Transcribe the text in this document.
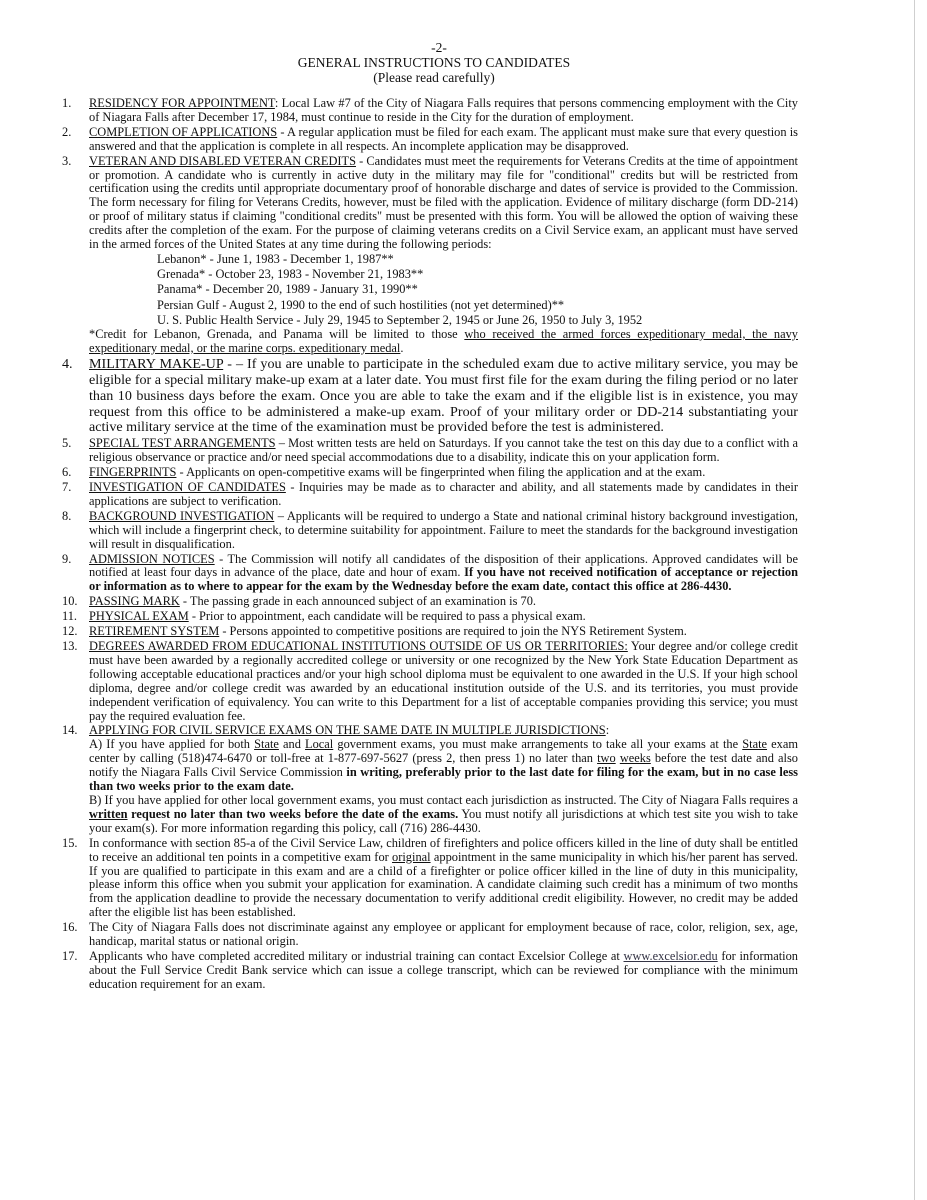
-2-
GENERAL INSTRUCTIONS TO CANDIDATES
(Please read carefully)
1.	RESIDENCY FOR APPOINTMENT: Local Law #7 of the City of Niagara Falls requires that persons commencing employment with the City of Niagara Falls after December 17, 1984, must continue to reside in the City for the duration of employment.
2.	COMPLETION OF APPLICATIONS - A regular application must be filed for each exam. The applicant must make sure that every question is answered and that the application is complete in all respects. An incomplete application may be disapproved.
3.	VETERAN AND DISABLED VETERAN CREDITS - Candidates must meet the requirements for Veterans Credits at the time of appointment or promotion. A candidate who is currently in active duty in the military may file for "conditional" credits but will be restricted from certification using the credits until appropriate documentary proof of honorable discharge and dates of service is provided to the Commission. The form necessary for filing for Veterans Credits, however, must be filed with the application. Evidence of military discharge (form DD-214) or proof of military status if claiming "conditional credits" must be presented with this form. You will be allowed the option of waiving these credits after the completion of the exam. For the purpose of claiming veterans credits on a Civil Service exam, an applicant must have served in the armed forces of the United States at any time during the following periods:
Lebanon* - June 1, 1983 - December 1, 1987**
Grenada* - October 23, 1983 - November 21, 1983**
Panama* - December 20, 1989 - January 31, 1990**
Persian Gulf - August 2, 1990 to the end of such hostilities (not yet determined)**
U. S. Public Health Service - July 29, 1945 to September 2, 1945 or June 26, 1950 to July 3, 1952
*Credit for Lebanon, Grenada, and Panama will be limited to those who received the armed forces expeditionary medal, the navy expeditionary medal, or the marine corps. expeditionary medal.
4.	MILITARY MAKE-UP - – If you are unable to participate in the scheduled exam due to active military service, you may be eligible for a special military make-up exam at a later date. You must first file for the exam during the filing period or no later than 10 business days before the exam. Once you are able to take the exam and if the eligible list is in existence, you may request from this office to be administered a make-up exam. Proof of your military order or DD-214 substantiating your active military service at the time of the examination must be provided before the test is administered.
5.	SPECIAL TEST ARRANGEMENTS – Most written tests are held on Saturdays. If you cannot take the test on this day due to a conflict with a religious observance or practice and/or need special accommodations due to a disability, indicate this on your application form.
6.	FINGERPRINTS - Applicants on open-competitive exams will be fingerprinted when filing the application and at the exam.
7.	INVESTIGATION OF CANDIDATES - Inquiries may be made as to character and ability, and all statements made by candidates in their applications are subject to verification.
8.	BACKGROUND INVESTIGATION – Applicants will be required to undergo a State and national criminal history background investigation, which will include a fingerprint check, to determine suitability for appointment. Failure to meet the standards for the background investigation will result in disqualification.
9.	ADMISSION NOTICES - The Commission will notify all candidates of the disposition of their applications. Approved candidates will be notified at least four days in advance of the place, date and hour of exam. If you have not received notification of acceptance or rejection or information as to where to appear for the exam by the Wednesday before the exam date, contact this office at 286-4430.
10. PASSING MARK - The passing grade in each announced subject of an examination is 70.
11. PHYSICAL EXAM - Prior to appointment, each candidate will be required to pass a physical exam.
12. RETIREMENT SYSTEM - Persons appointed to competitive positions are required to join the NYS Retirement System.
13. DEGREES AWARDED FROM EDUCATIONAL INSTITUTIONS OUTSIDE OF US OR TERRITORIES: Your degree and/or college credit must have been awarded by a regionally accredited college or university or one recognized by the New York State Education Department as following acceptable educational practices and/or your high school diploma must be equivalent to one awarded in the U.S. If your high school diploma, degree and/or college credit was awarded by an educational institution outside of the U.S. and its territories, you must provide independent verification of equivalency. You can write to this Department for a list of acceptable companies providing this service; you must pay the required evaluation fee.
14. APPLYING FOR CIVIL SERVICE EXAMS ON THE SAME DATE IN MULTIPLE JURISDICTIONS:
A) If you have applied for both State and Local government exams, you must make arrangements to take all your exams at the State exam center by calling (518)474-6470 or toll-free at 1-877-697-5627 (press 2, then press 1) no later than two weeks before the test date and also notify the Niagara Falls Civil Service Commission in writing, preferably prior to the last date for filing for the exam, but in no case less than two weeks prior to the exam date.
B) If you have applied for other local government exams, you must contact each jurisdiction as instructed. The City of Niagara Falls requires a written request no later than two weeks before the date of the exams. You must notify all jurisdictions at which test site you wish to take your exam(s). For more information regarding this policy, call (716) 286-4430.
15. In conformance with section 85-a of the Civil Service Law, children of firefighters and police officers killed in the line of duty shall be entitled to receive an additional ten points in a competitive exam for original appointment in the same municipality in which his/her parent has served. If you are qualified to participate in this exam and are a child of a firefighter or police officer killed in the line of duty in this municipality, please inform this office when you submit your application for examination. A candidate claiming such credit has a minimum of two months from the application deadline to provide the necessary documentation to verify additional credit eligibility. However, no credit may be added after the eligible list has been established.
16. The City of Niagara Falls does not discriminate against any employee or applicant for employment because of race, color, religion, sex, age, handicap, marital status or national origin.
17. Applicants who have completed accredited military or industrial training can contact Excelsior College at www.excelsior.edu for information about the Full Service Credit Bank service which can issue a college transcript, which can be reviewed for compliance with the minimum education requirement for an exam.
